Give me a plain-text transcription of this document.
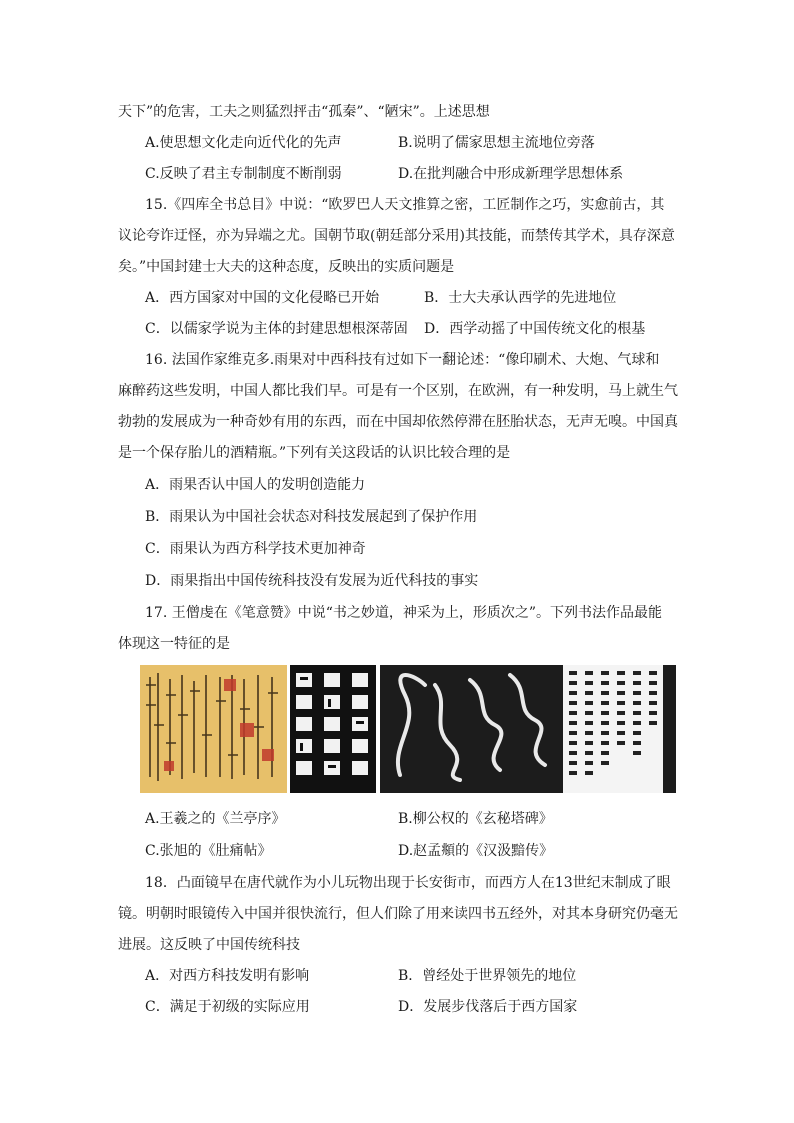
天下”的危害，工夫之则猛烈抨击“孤秦”、“陋宋”。上述思想
A.使思想文化走向近代化的先声	B.说明了儒家思想主流地位旁落
C.反映了君主专制制度不断削弱	D.在批判融合中形成新理学思想体系
15.《四库全书总目》中说：“欧罗巴人天文推算之密，工匠制作之巧，实愈前古，其
议论夸诈迂怪，亦为异端之尤。国朝节取(朝廷部分采用)其技能，而禁传其学术，具存深意
矣。”中国封建士大夫的这种态度，反映出的实质问题是
A．西方国家对中国的文化侵略已开始	B．士大夫承认西学的先进地位
C．以儒家学说为主体的封建思想根深蒂固 D．西学动摇了中国传统文化的根基
16. 法国作家维克多.雨果对中西科技有过如下一翻论述：“像印刷术、大炮、气球和
麻醉药这些发明，中国人都比我们早。可是有一个区别，在欧洲，有一种发明，马上就生气
勃勃的发展成为一种奇妙有用的东西，而在中国却依然停滞在胚胎状态，无声无嗅。中国真
是一个保存胎儿的酒精瓶。”下列有关这段话的认识比较合理的是
A．雨果否认中国人的发明创造能力
B．雨果认为中国社会状态对科技发展起到了保护作用
C．雨果认为西方科学技术更加神奇
D．雨果指出中国传统科技没有发展为近代科技的事实
17. 王僧虔在《笔意赞》中说“书之妙道，神采为上，形质次之”。下列书法作品最能
体现这一特征的是
A.王羲之的《兰亭序》	B.柳公权的《玄秘塔碑》
C.张旭的《肚痛帖》	D.赵孟頫的《汉汲黯传》
18．凸面镜早在唐代就作为小儿玩物出现于长安街市，而西方人在13世纪末制成了眼
镜。明朝时眼镜传入中国并很快流行，但人们除了用来读四书五经外，对其本身研究仍毫无
进展。这反映了中国传统科技
A．对西方科技发明有影响	B．曾经处于世界领先的地位
C．满足于初级的实际应用	D．发展步伐落后于西方国家
